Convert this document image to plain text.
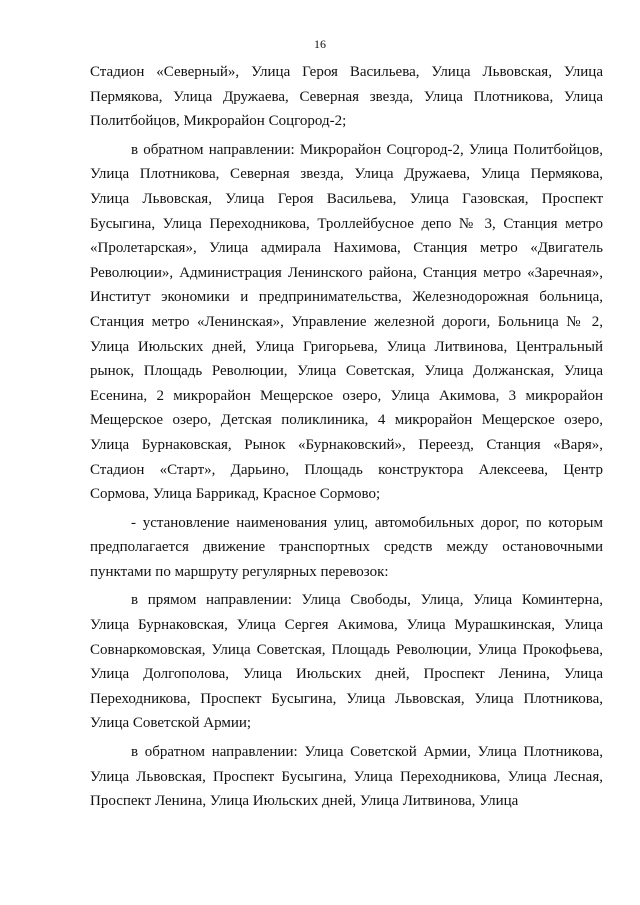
16
Стадион «Северный», Улица Героя Васильева, Улица Львовская, Улица
Пермякова, Улица Дружаева, Северная звезда, Улица Плотникова, Улица
Политбойцов, Микрорайон Соцгород-2;
в обратном направлении: Микрорайон Соцгород-2, Улица Политбойцов,
Улица Плотникова, Северная звезда, Улица Дружаева, Улица Пермякова,
Улица Львовская, Улица Героя Васильева, Улица Газовская, Проспект
Бусыгина, Улица Переходникова, Троллейбусное депо № 3, Станция метро
«Пролетарская», Улица адмирала Нахимова, Станция метро «Двигатель
Революции», Администрация Ленинского района, Станция метро «Заречная»,
Институт экономики и предпринимательства, Железнодорожная больница,
Станция метро «Ленинская», Управление железной дороги, Больница № 2,
Улица Июльских дней, Улица Григорьева, Улица Литвинова, Центральный
рынок, Площадь Революции, Улица Советская, Улица Должанская, Улица
Есенина, 2 микрорайон Мещерское озеро, Улица Акимова, 3 микрорайон
Мещерское озеро, Детская поликлиника, 4 микрорайон Мещерское озеро,
Улица Бурнаковская, Рынок «Бурнаковский», Переезд, Станция «Варя»,
Стадион «Старт», Дарьино, Площадь конструктора Алексеева, Центр
Сормова, Улица Баррикад, Красное Сормово;
- установление наименования улиц, автомобильных дорог, по которым
предполагается движение транспортных средств между остановочными
пунктами по маршруту регулярных перевозок:
в прямом направлении: Улица Свободы, Улица, Улица Коминтерна,
Улица Бурнаковская, Улица Сергея Акимова, Улица Мурашкинская, Улица
Совнаркомовская, Улица Советская, Площадь Революции, Улица Прокофьева,
Улица Долгополова, Улица Июльских дней, Проспект Ленина, Улица
Переходникова, Проспект Бусыгина, Улица Львовская, Улица Плотникова,
Улица Советской Армии;
в обратном направлении: Улица Советской Армии, Улица Плотникова,
Улица Львовская, Проспект Бусыгина, Улица Переходникова, Улица Лесная,
Проспект Ленина, Улица Июльских дней, Улица Литвинова, Улица
